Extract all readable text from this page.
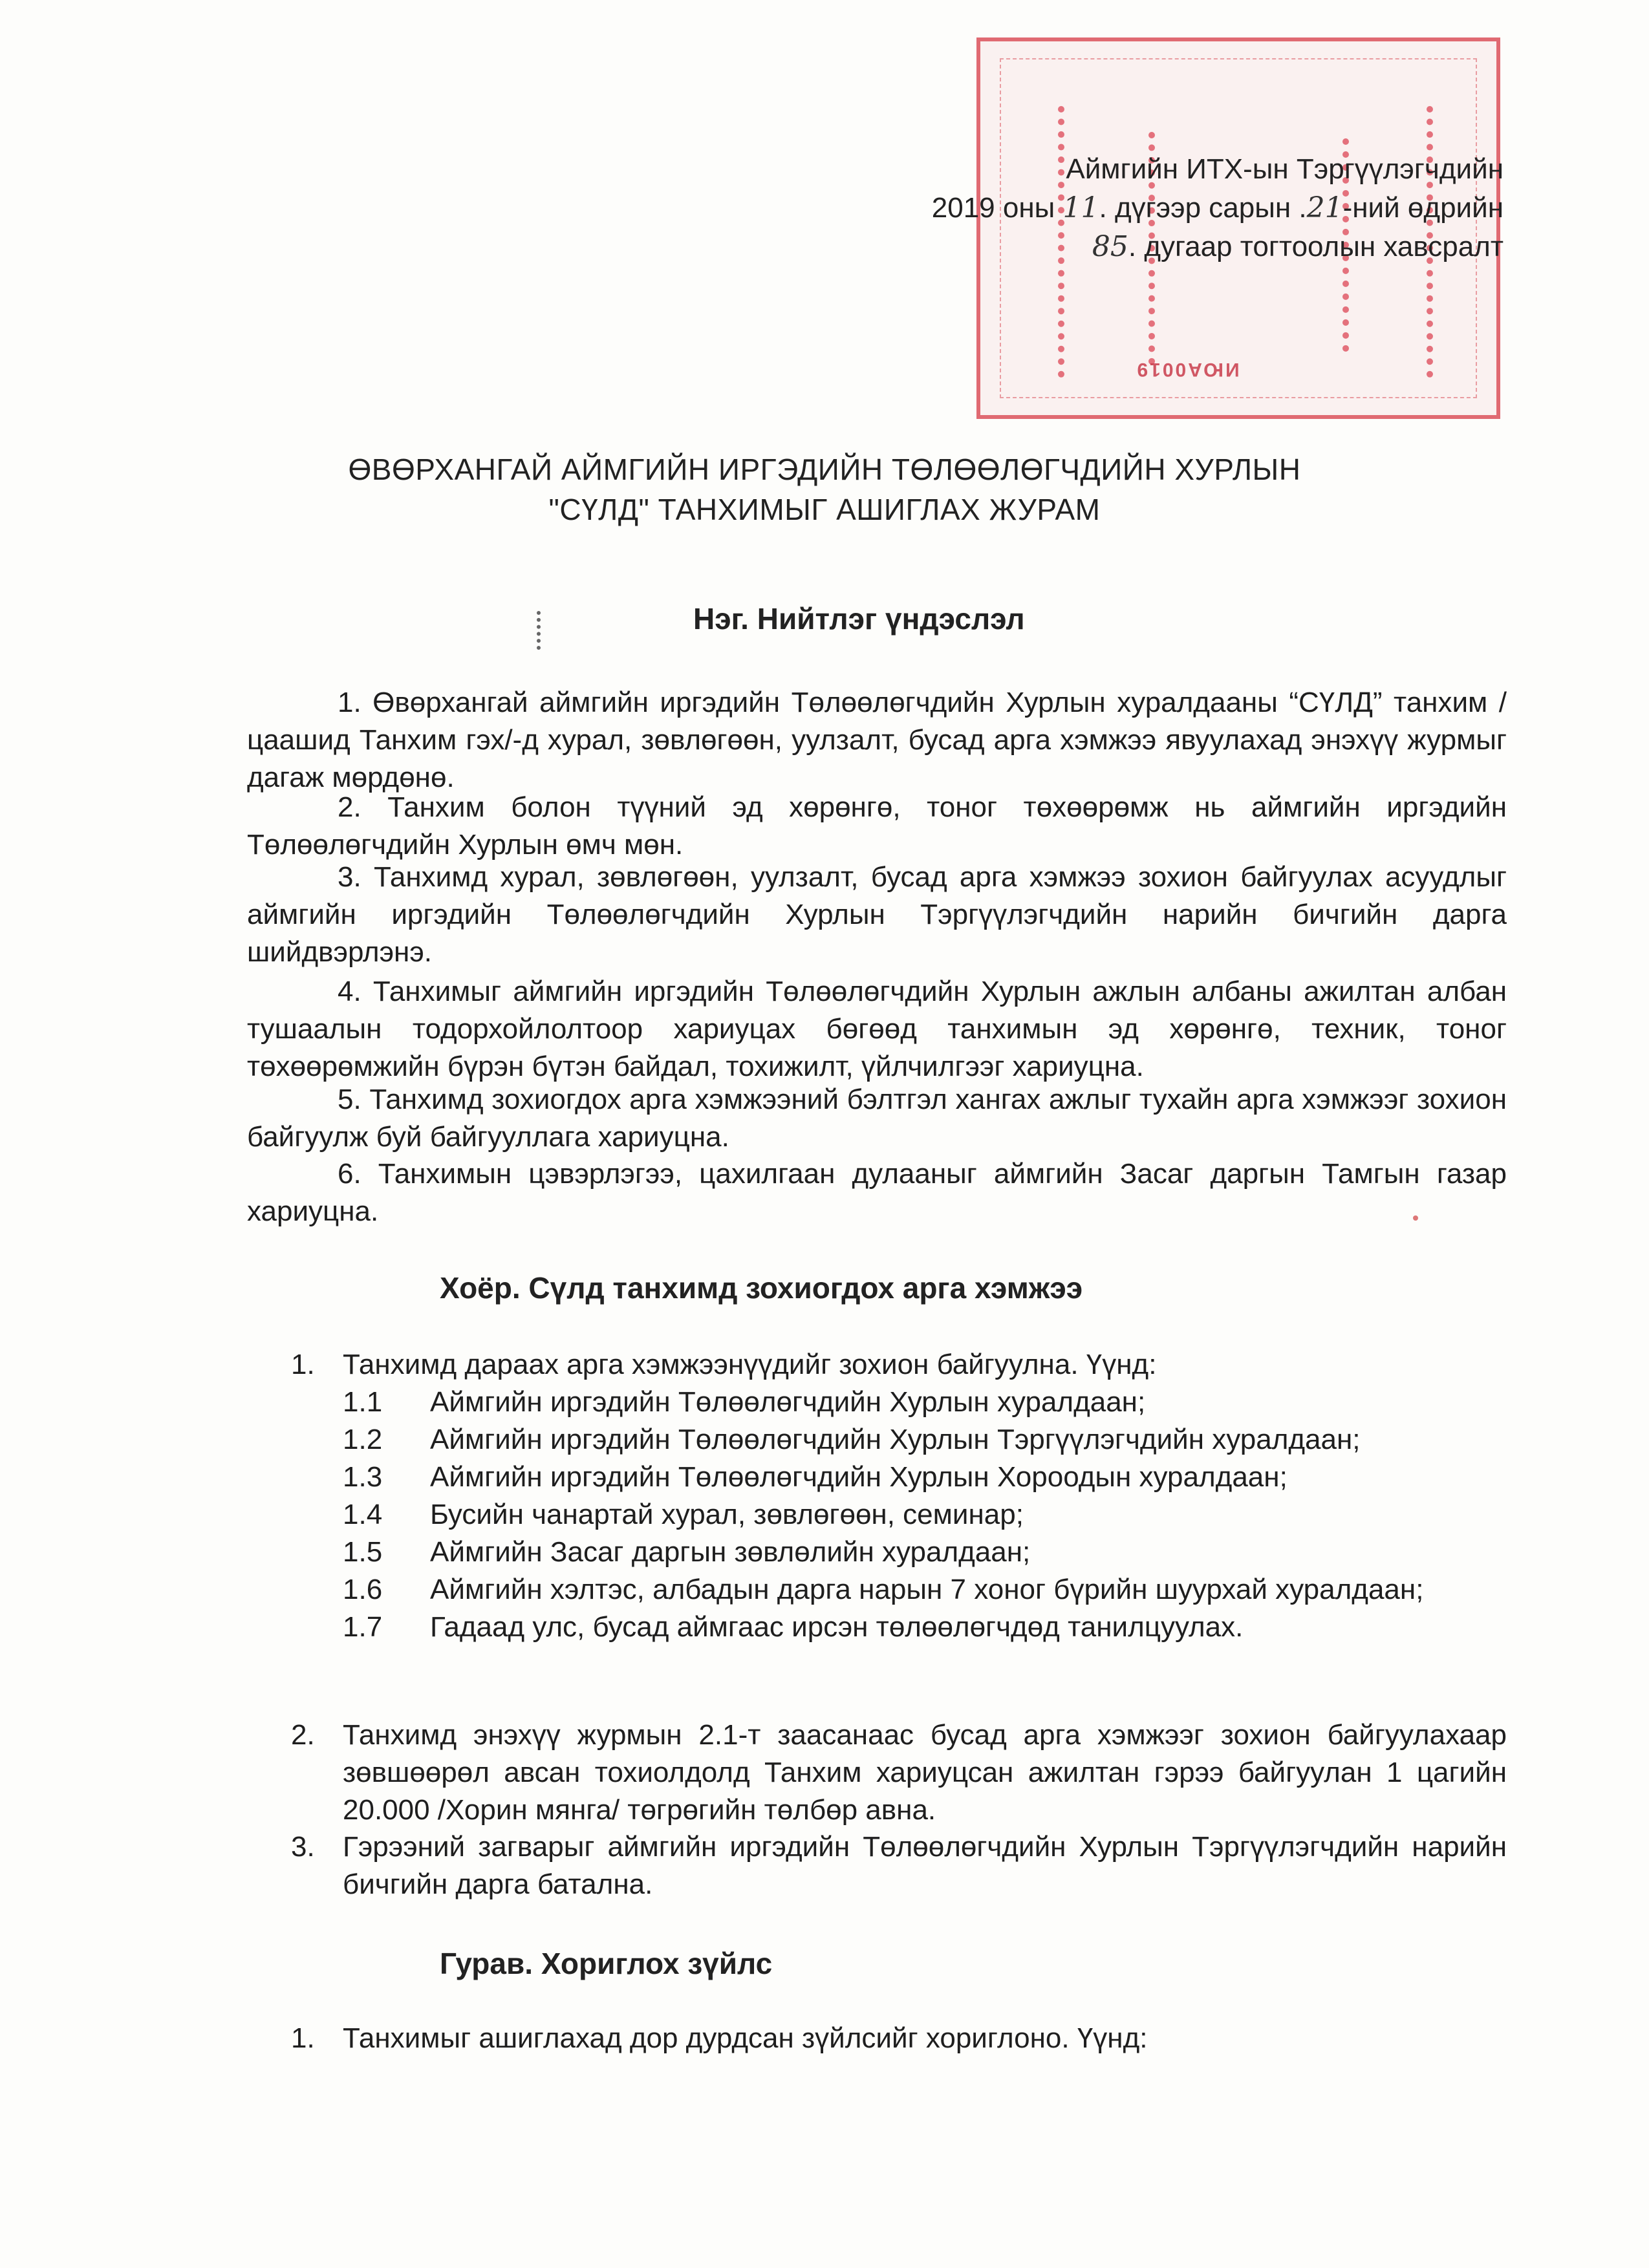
ИЮА0019
Аймгийн ИТХ-ын Тэргүүлэгчдийн
2019 оны 11. дүгээр сарын .21-ний өдрийн
85. дугаар тогтоолын хавсралт
ӨВӨРХАНГАЙ АЙМГИЙН ИРГЭДИЙН ТӨЛӨӨЛӨГЧДИЙН ХУРЛЫН
"СҮЛД" ТАНХИМЫГ АШИГЛАХ ЖУРАМ
Нэг. Нийтлэг үндэслэл
1. Өвөрхангай аймгийн иргэдийн Төлөөлөгчдийн Хурлын хуралдааны “СҮЛД” танхим /цаашид Танхим гэх/-д хурал, зөвлөгөөн, уулзалт, бусад арга хэмжээ явуулахад энэхүү журмыг дагаж мөрдөнө.
2. Танхим болон түүний эд хөрөнгө, тоног төхөөрөмж нь аймгийн иргэдийн Төлөөлөгчдийн Хурлын өмч мөн.
3. Танхимд хурал, зөвлөгөөн, уулзалт, бусад арга хэмжээ зохион байгуулах асуудлыг аймгийн иргэдийн Төлөөлөгчдийн Хурлын Тэргүүлэгчдийн нарийн бичгийн дарга шийдвэрлэнэ.
4. Танхимыг аймгийн иргэдийн Төлөөлөгчдийн Хурлын ажлын албаны ажилтан албан тушаалын тодорхойлолтоор хариуцах бөгөөд танхимын эд хөрөнгө, техник, тоног төхөөрөмжийн бүрэн бүтэн байдал, тохижилт, үйлчилгээг хариуцна.
5. Танхимд зохиогдох арга хэмжээний бэлтгэл хангах ажлыг тухайн арга хэмжээг зохион байгуулж буй байгууллага хариуцна.
6. Танхимын цэвэрлэгээ, цахилгаан дулааныг аймгийн Засаг даргын Тамгын газар хариуцна.
Хоёр. Сүлд танхимд зохиогдох арга хэмжээ
1. Танхимд дараах арга хэмжээнүүдийг зохион байгуулна. Үүнд:
1.1	Аймгийн иргэдийн Төлөөлөгчдийн Хурлын хуралдаан;
1.2	Аймгийн иргэдийн Төлөөлөгчдийн Хурлын Тэргүүлэгчдийн хуралдаан;
1.3	Аймгийн иргэдийн Төлөөлөгчдийн Хурлын Хороодын хуралдаан;
1.4	Бусийн чанартай хурал, зөвлөгөөн, семинар;
1.5	Аймгийн Засаг даргын зөвлөлийн хуралдаан;
1.6	Аймгийн хэлтэс, албадын дарга нарын 7 хоног бүрийн шуурхай хуралдаан;
1.7	Гадаад улс, бусад аймгаас ирсэн төлөөлөгчдөд танилцуулах.
2. Танхимд энэхүү журмын 2.1-т заасанаас бусад арга хэмжээг зохион байгуулахаар зөвшөөрөл авсан тохиолдолд Танхим хариуцсан ажилтан гэрээ байгуулан 1 цагийн 20.000 /Хорин мянга/ төгрөгийн төлбөр авна.
3. Гэрээний загварыг аймгийн иргэдийн Төлөөлөгчдийн Хурлын Тэргүүлэгчдийн нарийн бичгийн дарга батална.
Гурав. Хориглох зүйлс
1. Танхимыг ашиглахад дор дурдсан зүйлсийг хориглоно. Үүнд:
